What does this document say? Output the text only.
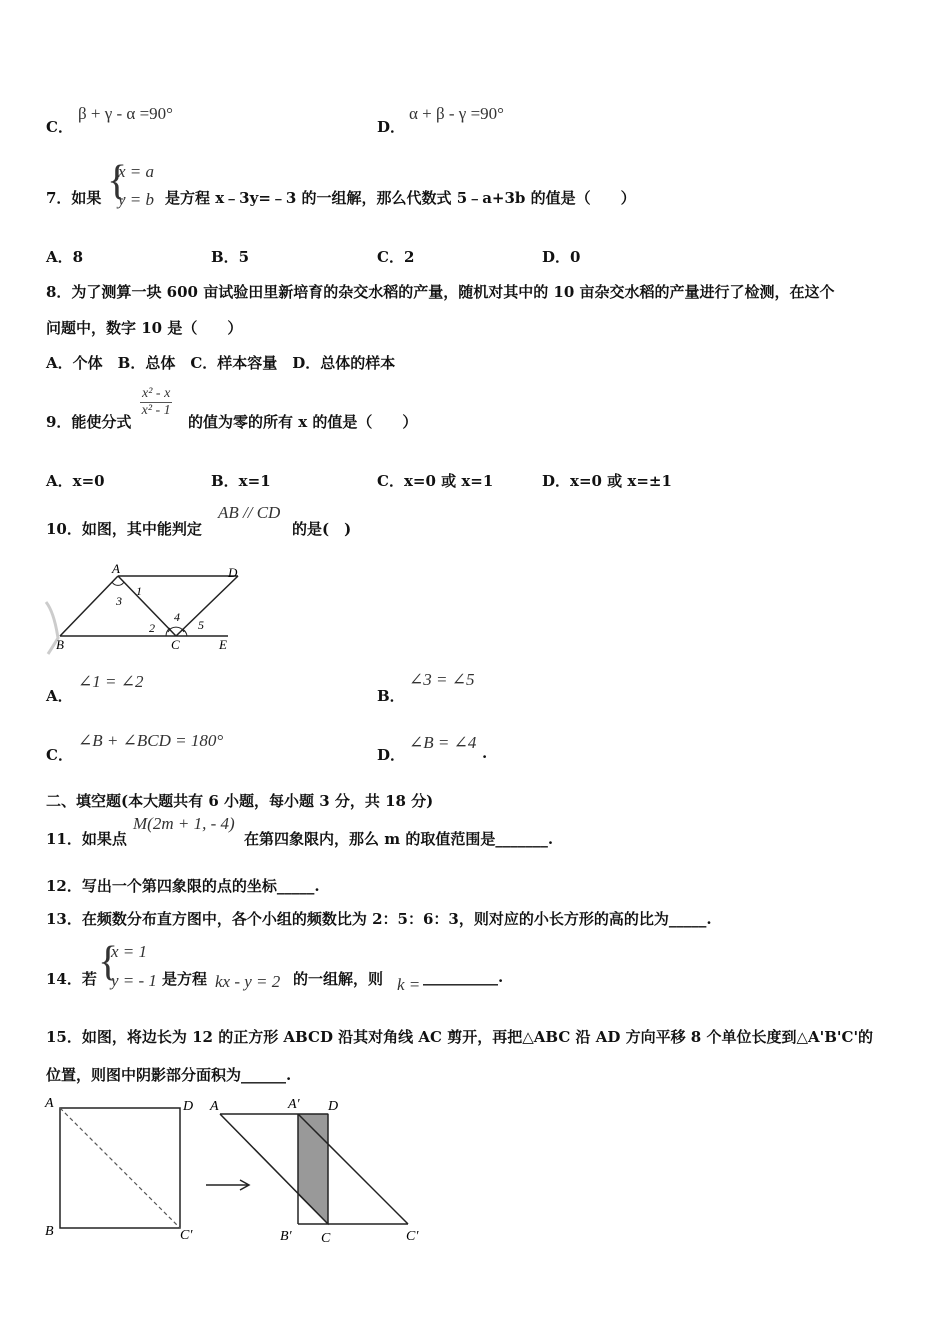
C．
β + γ - α =90°
D．
α + β - γ =90°
7．如果 {
x = a
y = b 是方程 x﹣3y=﹣3 的一组解，那么代数式 5﹣a+3b 的值是（　　）
A．8	B．5	C．2	D．0
8．为了测算一块 600 亩试验田里新培育的杂交水稻的产量，随机对其中的 10 亩杂交水稻的产量进行了检测，在这个
问题中，数字 10 是（　　）
A．个体　B．总体　C．样本容量　D．总体的样本
9．能使分式
$\frac{\text{x² - x}}{\text{x² - 1}}$
的值为零的所有 x 的值是（　　）
A．x=0	B．x=1	C．x=0 或 x=1	D．x=0 或 x=±1
10．如图，其中能判定
AB // CD
的是(　)
A	D
B	C	E
1
3
2
4
5
A．
∠1 = ∠2
B．
∠3 = ∠5
C．
∠B + ∠BCD = 180°
D．
∠B = ∠4
.
二、填空题(本大题共有 6 小题，每小题 3 分，共 18 分)
11．如果点
M(2m + 1, - 4)
在第四象限内，那么 m 的取值范围是_______.
12．写出一个第四象限的点的坐标_____.
13．在频数分布直方图中，各个小组的频数比为 2：5：6：3，则对应的小长方形的高的比为_____.
14．若 {
x = 1
y = - 1 是方程 kx - y = 2 的一组解，则 k = __________.
15．如图，将边长为 12 的正方形 ABCD 沿其对角线 AC 剪开，再把△ABC 沿 AD 方向平移 8 个单位长度到△A'B'C'的
位置，则图中阴影部分面积为______.
A	D
B	C′
A	A′ D
B′ C	C′
